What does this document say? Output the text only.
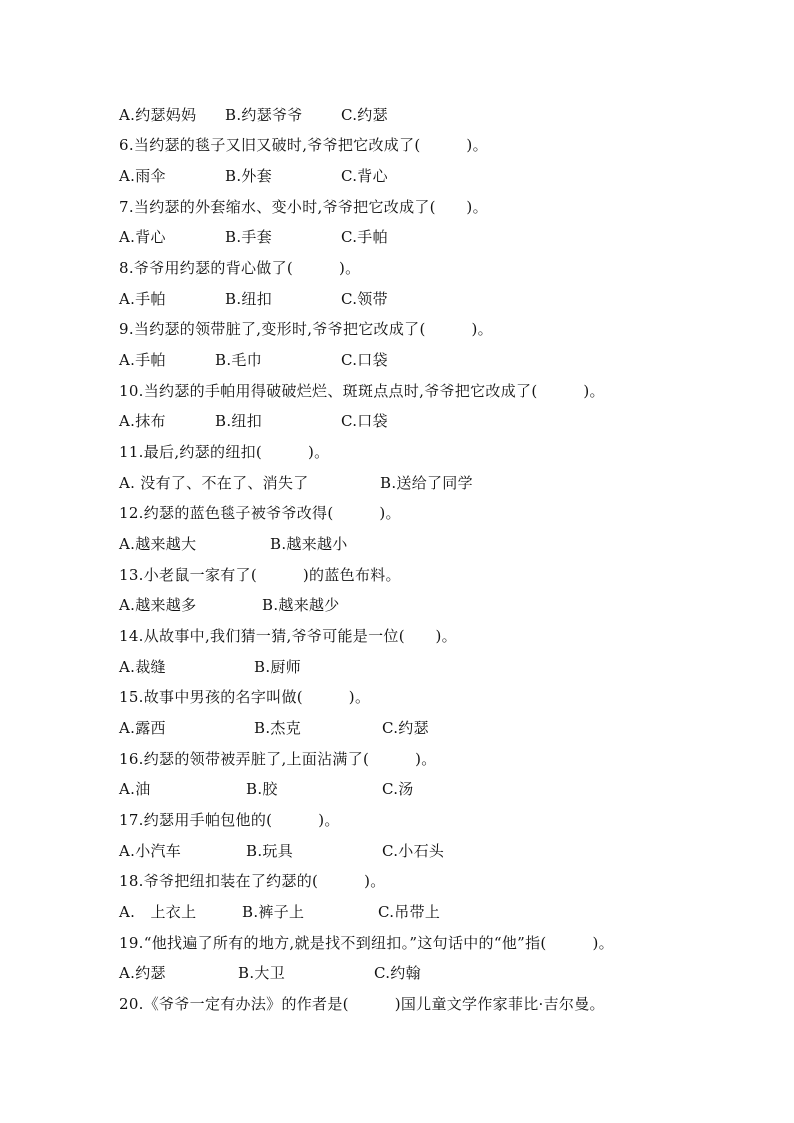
A.约瑟妈妈 B.约瑟爷爷	C.约瑟
6.当约瑟的毯子又旧又破时,爷爷把它改成了(　　　)。
A.雨伞	B.外套	C.背心
7.当约瑟的外套缩水、变小时,爷爷把它改成了(　　)。
A.背心	B.手套	C.手帕
8.爷爷用约瑟的背心做了(　　　)。
A.手帕	B.纽扣	C.领带
9.当约瑟的领带脏了,变形时,爷爷把它改成了(　　　)。
A.手帕	B.毛巾	C.口袋
10.当约瑟的手帕用得破破烂烂、斑斑点点时,爷爷把它改成了(　　　)。
A.抹布	B.纽扣	C.口袋
11.最后,约瑟的纽扣(　　　)。
A. 没有了、不在了、消失了	B.送给了同学
12.约瑟的蓝色毯子被爷爷改得(　　　)。
A.越来越大	B.越来越小
13.小老鼠一家有了(　　　)的蓝色布料。
A.越来越多	B.越来越少
14.从故事中,我们猜一猜,爷爷可能是一位(　　)。
A.裁缝	B.厨师
15.故事中男孩的名字叫做(　　　)。
A.露西	B.杰克	C.约瑟
16.约瑟的领带被弄脏了,上面沾满了(　　　)。
A.油	B.胶	C.汤
17.约瑟用手帕包他的(　　　)。
A.小汽车	B.玩具	C.小石头
18.爷爷把纽扣装在了约瑟的(　　　)。
A.　上衣上	B.裤子上	C.吊带上
19.“他找遍了所有的地方,就是找不到纽扣。”这句话中的“他”指(　　　)。
A.约瑟	B.大卫	C.约翰
20.《爷爷一定有办法》的作者是(　　　)国儿童文学作家菲比·吉尔曼。
